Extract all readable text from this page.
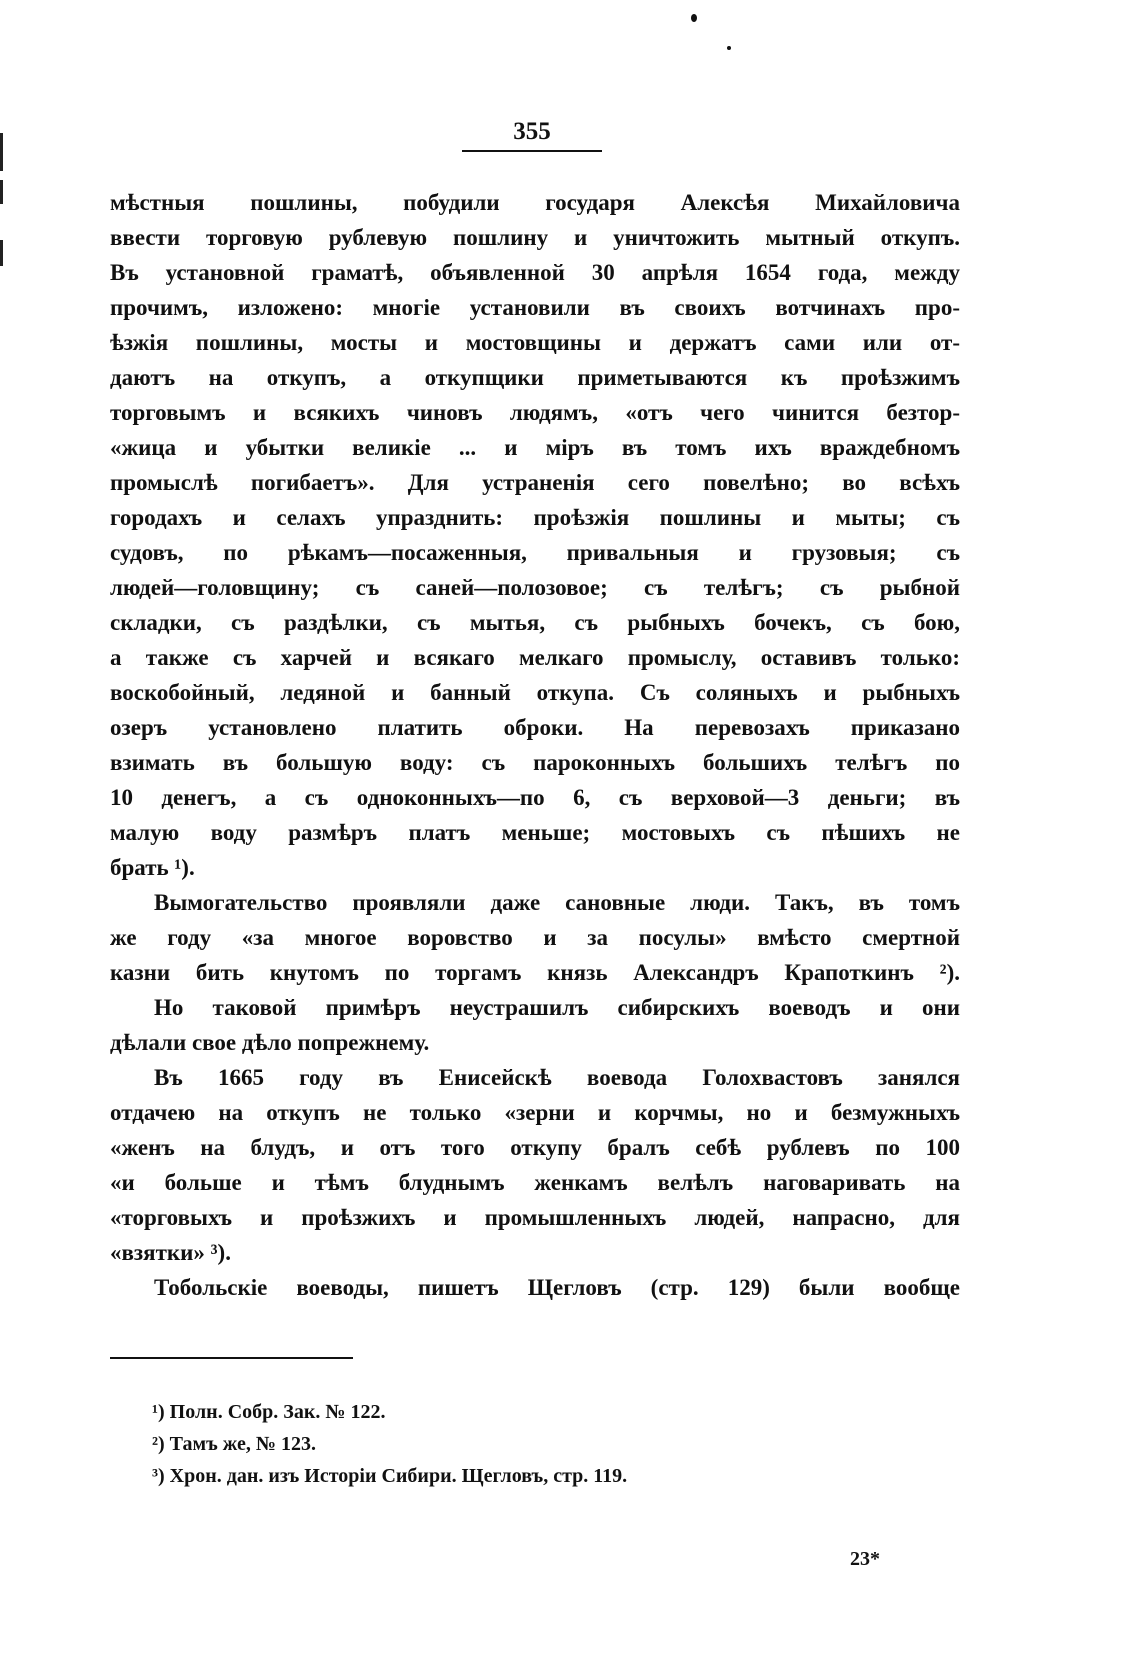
355
мѣстныя пошлины, побудили государя Алексѣя Михайловича
ввести торговую рублевую пошлину и уничтожить мытный откупъ.
Въ установной граматѣ, объявленной 30 апрѣля 1654 года, между
прочимъ, изложено: многіе установили въ своихъ вотчинахъ про-
ѣзжія пошлины, мосты и мостовщины и держатъ сами или от-
даютъ на откупъ, а откупщики приметываются къ проѣзжимъ
торговымъ и всякихъ чиновъ людямъ, «отъ чего чинится безтор-
«жица и убытки великіе ... и міръ въ томъ ихъ враждебномъ
промыслѣ погибаетъ». Для устраненія сего повелѣно; во всѣхъ
городахъ и селахъ упразднить: проѣзжія пошлины и мыты; съ
судовъ, по рѣкамъ—посаженныя, привальныя и грузовыя; съ
людей—головщину; съ саней—полозовое; съ телѣгъ; съ рыбной
складки, съ раздѣлки, съ мытья, съ рыбныхъ бочекъ, съ бою,
а также съ харчей и всякаго мелкаго промыслу, оставивъ только:
воскобойный, ледяной и банный откупа. Съ соляныхъ и рыбныхъ
озеръ установлено платить оброки. На перевозахъ приказано
взимать въ большую воду: съ пароконныхъ большихъ телѣгъ по
10 денегъ, а съ одноконныхъ—по 6, съ верховой—3 деньги; въ
малую воду размѣръ платъ меньше; мостовыхъ съ пѣшихъ не
брать ¹).
Вымогательство проявляли даже сановные люди. Такъ, въ томъ
же году «за многое воровство и за посулы» вмѣсто смертной
казни бить кнутомъ по торгамъ князь Александръ Крапоткинъ ²).
Но таковой примѣръ неустрашилъ сибирскихъ воеводъ и они
дѣлали свое дѣло попрежнему.
Въ 1665 году въ Енисейскѣ воевода Голохвастовъ занялся
отдачею на откупъ не только «зерни и корчмы, но и безмужныхъ
«женъ на блудъ, и отъ того откупу бралъ себѣ рублевъ по 100
«и больше и тѣмъ блуднымъ женкамъ велѣлъ наговаривать на
«торговыхъ и проѣзжихъ и промышленныхъ людей, напрасно, для
«взятки» ³).
Тобольскіе воеводы, пишетъ Щегловъ (стр. 129) были вообще
¹) Полн. Собр. Зак. № 122.
²) Тамъ же, № 123.
³) Хрон. дан. изъ Исторіи Сибири. Щегловъ, стр. 119.
23*
